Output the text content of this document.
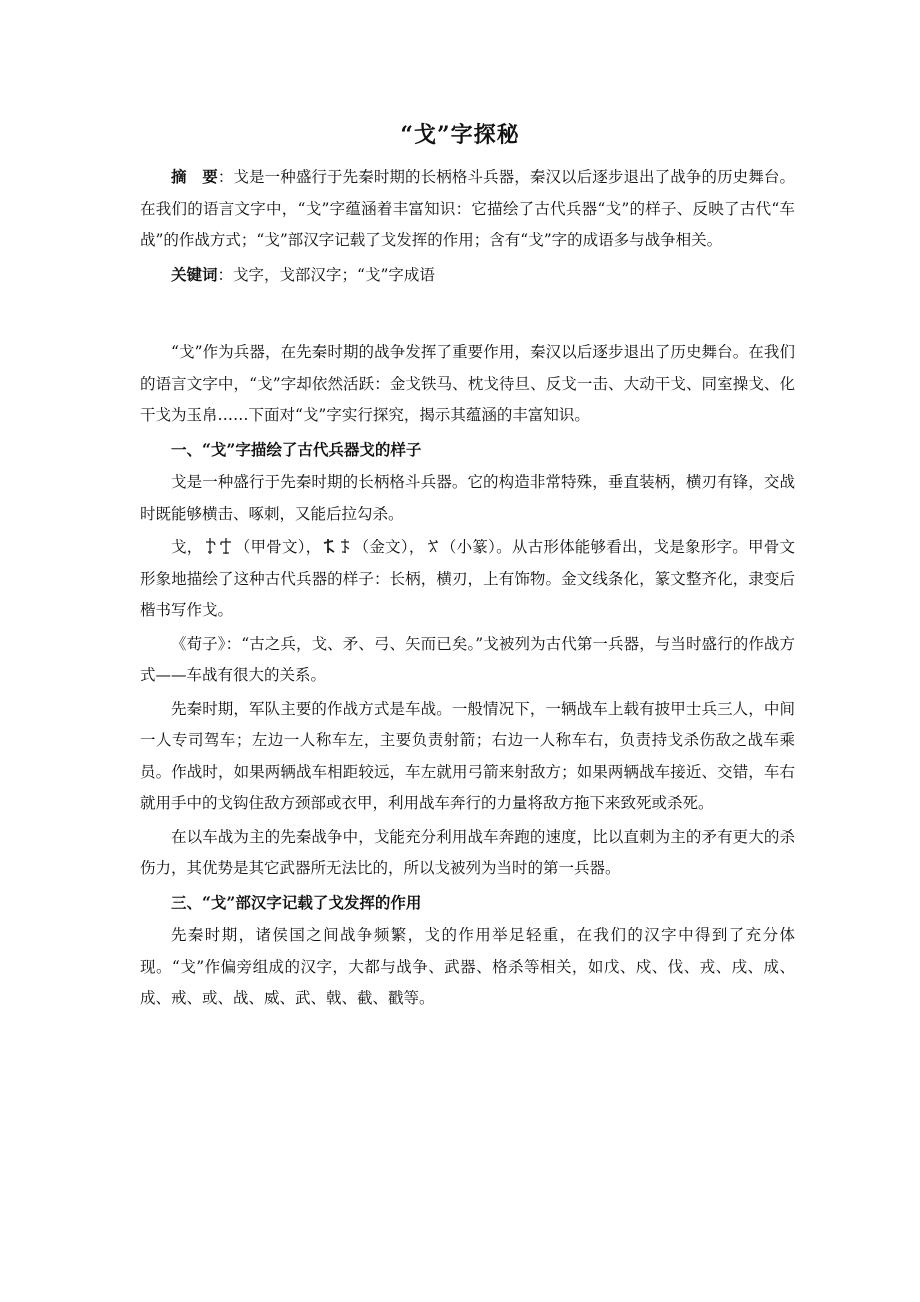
“戈”字探秘

摘　要：戈是一种盛行于先秦时期的长柄格斗兵器，秦汉以后逐步退出了战争的历史舞台。在我们的语言文字中，“戈”字蕴涵着丰富知识：它描绘了古代兵器“戈”的样子、反映了古代“车战”的作战方式；“戈”部汉字记载了戈发挥的作用；含有“戈”字的成语多与战争相关。

关键词：戈字，戈部汉字；“戈”字成语

“戈”作为兵器，在先秦时期的战争发挥了重要作用，秦汉以后逐步退出了历史舞台。在我们的语言文字中，“戈”字却依然活跃：金戈铁马、枕戈待旦、反戈一击、大动干戈、同室操戈、化干戈为玉帛……下面对“戈”字实行探究，揭示其蕴涵的丰富知识。

一、“戈”字描绘了古代兵器戈的样子

戈是一种盛行于先秦时期的长柄格斗兵器。它的构造非常特殊，垂直装柄，横刃有锋，交战时既能够横击、啄刺，又能后拉勾杀。

戈， （甲骨文）， （金文）， （小篆）。从古形体能够看出，戈是象形字。甲骨文形象地描绘了这种古代兵器的样子：长柄，横刃，上有饰物。金文线条化，篆文整齐化，隶变后楷书写作戈。

《荀子》：“古之兵，戈、矛、弓、矢而已矣。”戈被列为古代第一兵器，与当时盛行的作战方式——车战有很大的关系。

先秦时期，军队主要的作战方式是车战。一般情况下，一辆战车上载有披甲士兵三人，中间一人专司驾车；左边一人称车左，主要负责射箭；右边一人称车右，负责持戈杀伤敌之战车乘员。作战时，如果两辆战车相距较远，车左就用弓箭来射敌方；如果两辆战车接近、交错，车右就用手中的戈钩住敌方颈部或衣甲，利用战车奔行的力量将敌方拖下来致死或杀死。

在以车战为主的先秦战争中，戈能充分利用战车奔跑的速度，比以直刺为主的矛有更大的杀伤力，其优势是其它武器所无法比的，所以戈被列为当时的第一兵器。

三、“戈”部汉字记载了戈发挥的作用

先秦时期，诸侯国之间战争频繁，戈的作用举足轻重，在我们的汉字中得到了充分体现。“戈”作偏旁组成的汉字，大都与战争、武器、格杀等相关，如戊、戍、伐、戎、戌、成、成、戒、或、战、威、武、戟、截、戳等。
